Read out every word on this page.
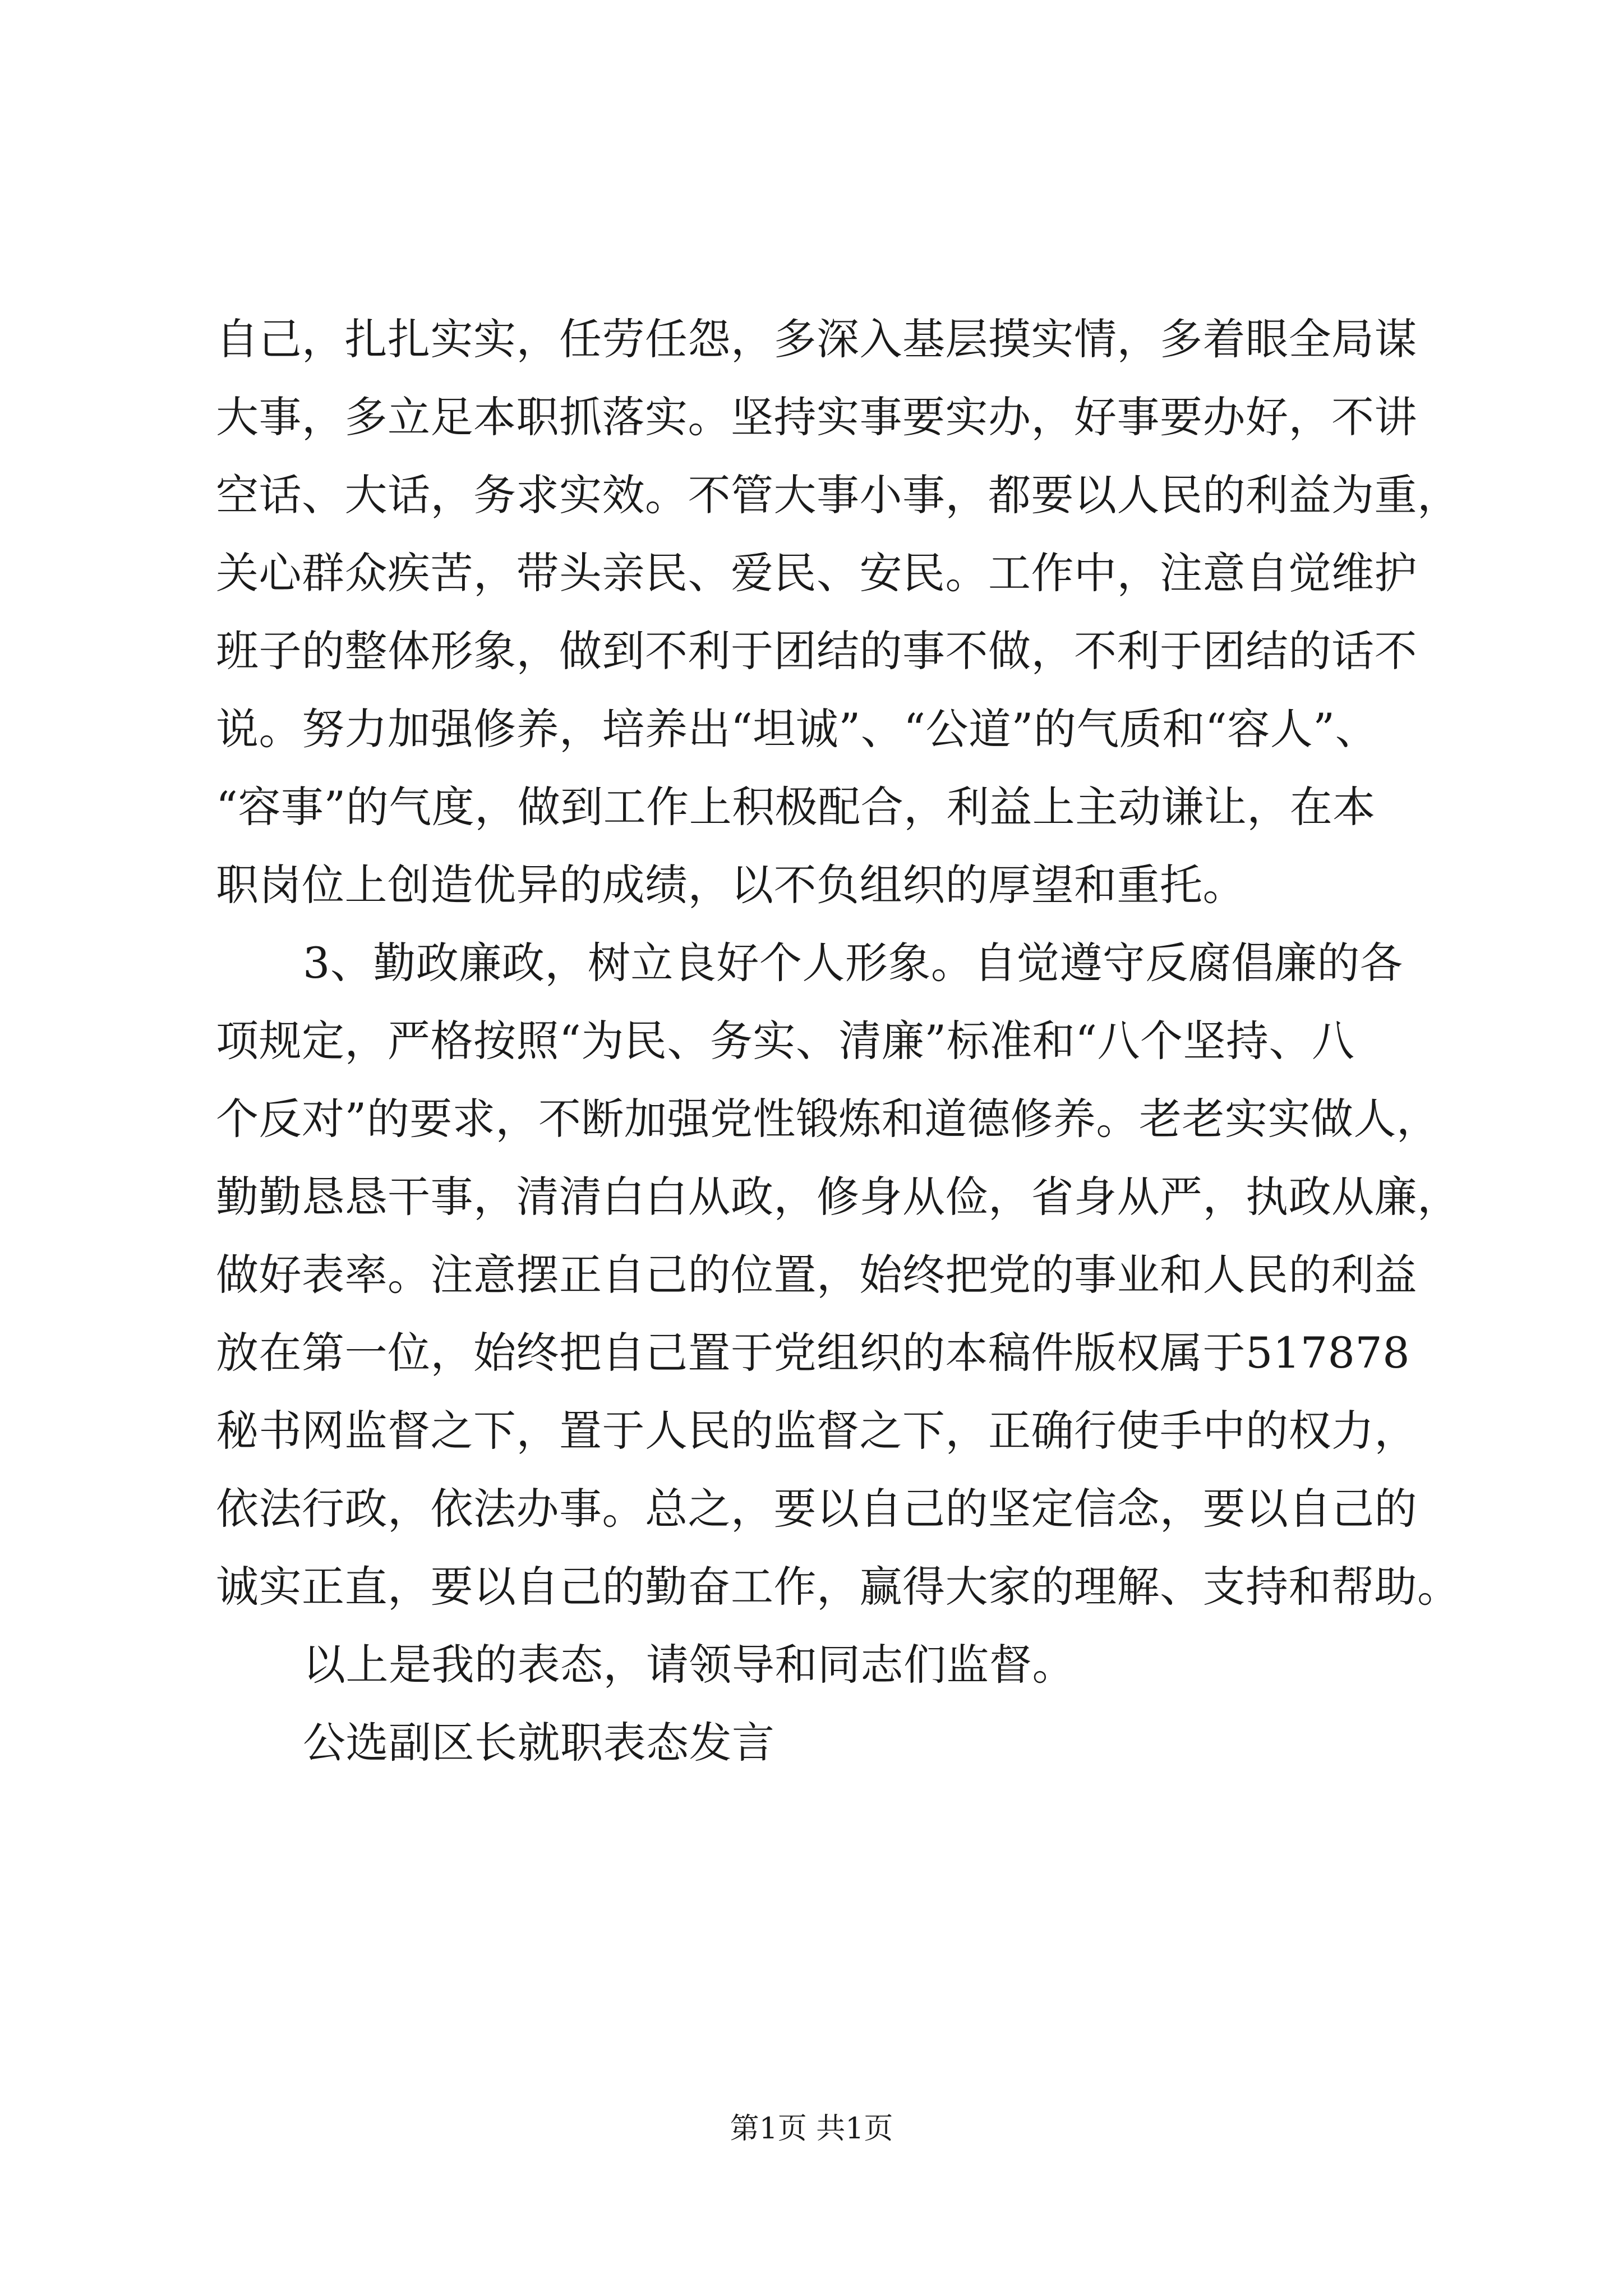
自己，扎扎实实，任劳任怨，多深入基层摸实情，多着眼全局谋
大事，多立足本职抓落实。坚持实事要实办，好事要办好，不讲
空话、大话，务求实效。不管大事小事，都要以人民的利益为重，
关心群众疾苦，带头亲民、爱民、安民。工作中，注意自觉维护
班子的整体形象，做到不利于团结的事不做，不利于团结的话不
说。努力加强修养，培养出“坦诚”、“公道”的气质和“容人”、
“容事”的气度，做到工作上积极配合，利益上主动谦让，在本
职岗位上创造优异的成绩，以不负组织的厚望和重托。
3、勤政廉政，树立良好个人形象。自觉遵守反腐倡廉的各
项规定，严格按照“为民、务实、清廉”标准和“八个坚持、八
个反对”的要求，不断加强党性锻炼和道德修养。老老实实做人，
勤勤恳恳干事，清清白白从政，修身从俭，省身从严，执政从廉，
做好表率。注意摆正自己的位置，始终把党的事业和人民的利益
放在第一位，始终把自己置于党组织的本稿件版权属于517878
秘书网监督之下，置于人民的监督之下，正确行使手中的权力，
依法行政，依法办事。总之，要以自己的坚定信念，要以自己的
诚实正直，要以自己的勤奋工作，赢得大家的理解、支持和帮助。
以上是我的表态，请领导和同志们监督。
公选副区长就职表态发言
第1页 共1页
